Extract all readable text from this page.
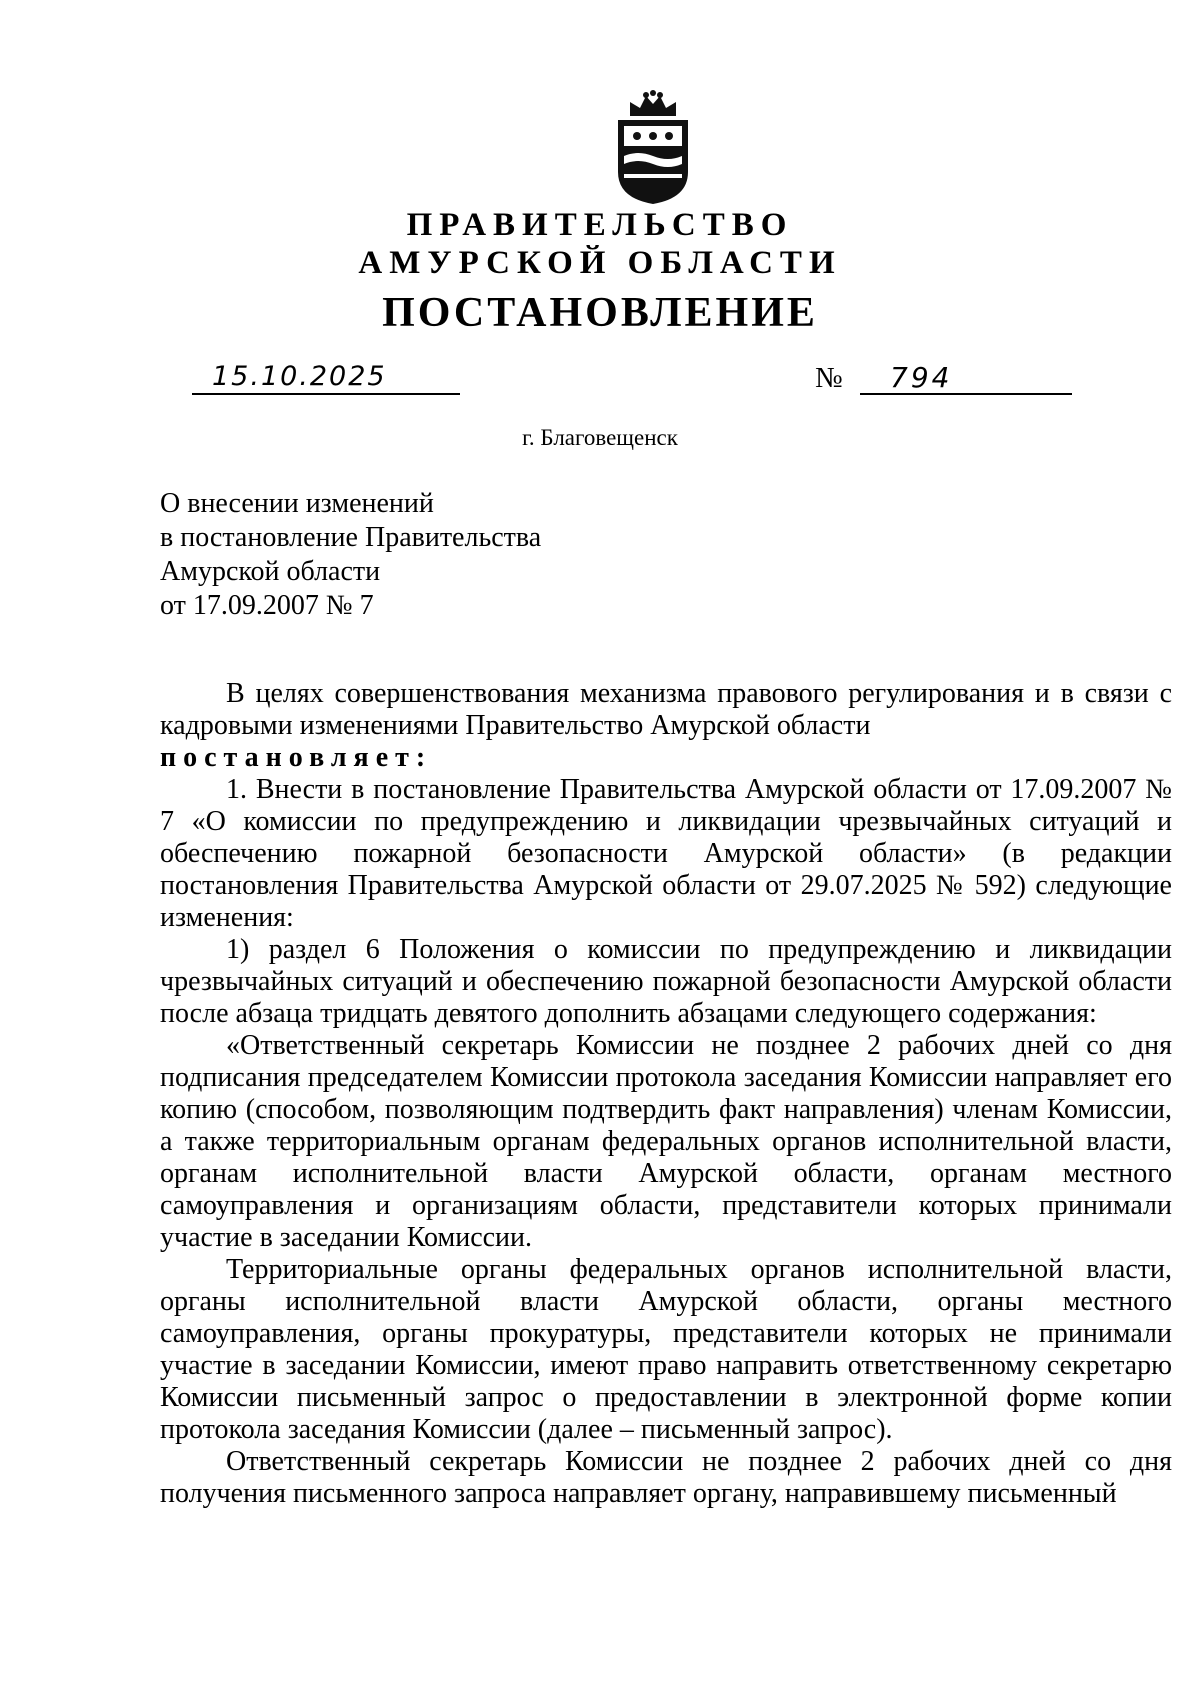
ПРАВИТЕЛЬСТВО
АМУРСКОЙ ОБЛАСТИ
ПОСТАНОВЛЕНИЕ
15.10.2025	№ 794
г. Благовещенск
О внесении изменений
в постановление Правительства
Амурской области
от 17.09.2007 № 7

В целях совершенствования механизма правового регулирования и в связи с кадровыми изменениями Правительство Амурской области

постановляет:

1. Внести в постановление Правительства Амурской области от 17.09.2007 № 7 «О комиссии по предупреждению и ликвидации чрезвычайных ситуаций и обеспечению пожарной безопасности Амурской области» (в редакции постановления Правительства Амурской области от 29.07.2025 № 592) следующие изменения:

1) раздел 6 Положения о комиссии по предупреждению и ликвидации чрезвычайных ситуаций и обеспечению пожарной безопасности Амурской области после абзаца тридцать девятого дополнить абзацами следующего содержания:

«Ответственный секретарь Комиссии не позднее 2 рабочих дней со дня подписания председателем Комиссии протокола заседания Комиссии направляет его копию (способом, позволяющим подтвердить факт направления) членам Комиссии, а также территориальным органам федеральных органов исполнительной власти, органам исполнительной власти Амурской области, органам местного самоуправления и организациям области, представители которых принимали участие в заседании Комиссии.

Территориальные органы федеральных органов исполнительной власти, органы исполнительной власти Амурской области, органы местного самоуправления, органы прокуратуры, представители которых не принимали участие в заседании Комиссии, имеют право направить ответственному секретарю Комиссии письменный запрос о предоставлении в электронной форме копии протокола заседания Комиссии (далее – письменный запрос).

Ответственный секретарь Комиссии не позднее 2 рабочих дней со дня получения письменного запроса направляет органу, направившему письменный
